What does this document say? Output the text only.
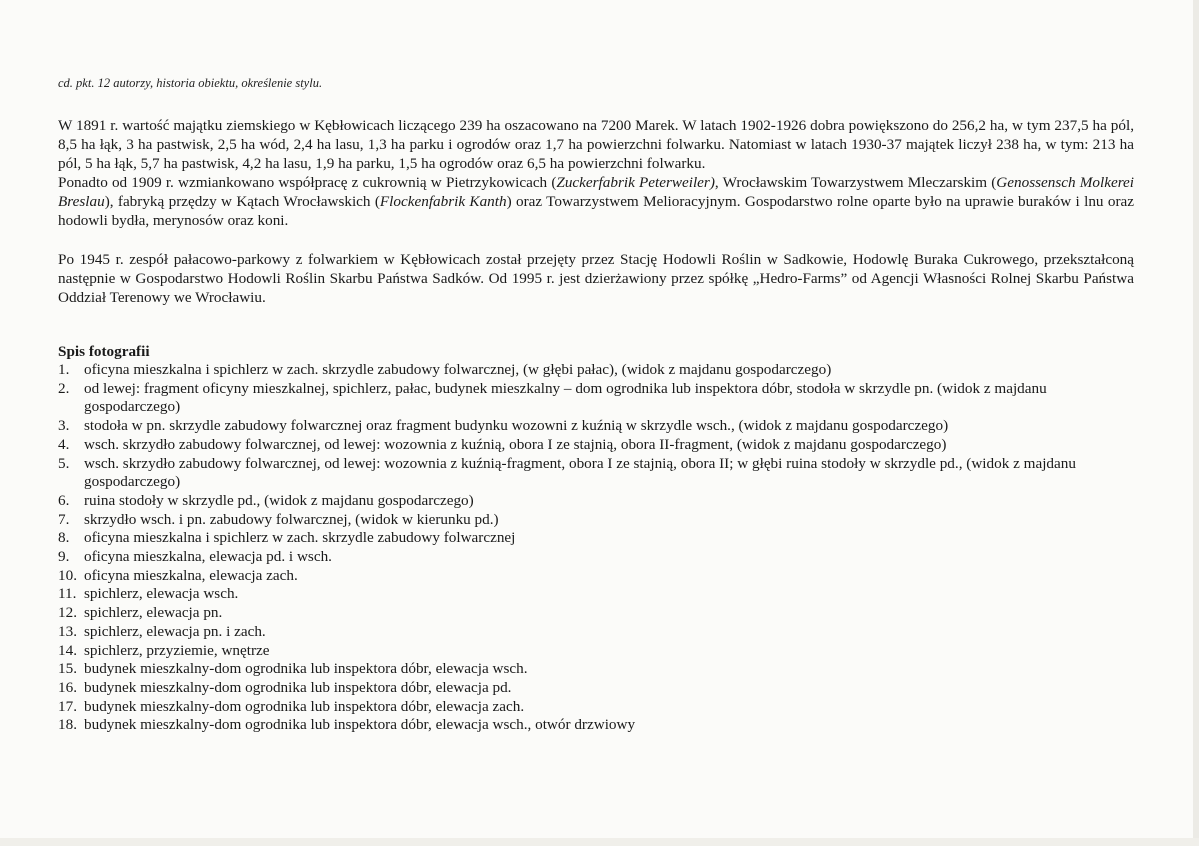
cd. pkt. 12 autorzy, historia obiektu, określenie stylu.
W 1891 r. wartość majątku ziemskiego w Kębłowicach liczącego 239 ha oszacowano na 7200 Marek. W latach 1902-1926 dobra powiększono do 256,2 ha, w tym 237,5 ha pól, 8,5 ha łąk, 3 ha pastwisk, 2,5 ha wód, 2,4 ha lasu, 1,3 ha parku i ogrodów oraz 1,7 ha powierzchni folwarku. Natomiast w latach 1930-37 majątek liczył 238 ha, w tym: 213 ha pól, 5 ha łąk, 5,7 ha pastwisk, 4,2 ha lasu, 1,9 ha parku, 1,5 ha ogrodów oraz 6,5 ha powierzchni folwarku.
Ponadto od 1909 r. wzmiankowano współpracę z cukrownią w Pietrzykowicach (Zuckerfabrik Peterweiler), Wrocławskim Towarzystwem Mleczarskim (Genossensch Molkerei Breslau), fabryką przędzy w Kątach Wrocławskich (Flockenfabrik Kanth) oraz Towarzystwem Melioracyjnym. Gospodarstwo rolne oparte było na uprawie buraków i lnu oraz hodowli bydła, merynosów oraz koni.
Po 1945 r. zespół pałacowo-parkowy z folwarkiem w Kębłowicach został przejęty przez Stację Hodowli Roślin w Sadkowie, Hodowlę Buraka Cukrowego, przekształconą następnie w Gospodarstwo Hodowli Roślin Skarbu Państwa Sadków. Od 1995 r. jest dzierżawiony przez spółkę „Hedro-Farms” od Agencji Własności Rolnej Skarbu Państwa Oddział Terenowy we Wrocławiu.
Spis fotografii
1. oficyna mieszkalna i spichlerz w zach. skrzydle zabudowy folwarcznej, (w głębi pałac), (widok z majdanu gospodarczego)
2. od lewej: fragment oficyny mieszkalnej, spichlerz, pałac, budynek mieszkalny – dom ogrodnika lub inspektora dóbr, stodoła w skrzydle pn. (widok z majdanu gospodarczego)
3. stodoła w pn. skrzydle zabudowy folwarcznej oraz fragment budynku wozowni z kuźnią w skrzydle wsch., (widok z majdanu gospodarczego)
4. wsch. skrzydło zabudowy folwarcznej, od lewej: wozownia z kuźnią, obora I ze stajnią, obora II-fragment, (widok z majdanu gospodarczego)
5. wsch. skrzydło zabudowy folwarcznej, od lewej: wozownia z kuźnią-fragment, obora I ze stajnią, obora II; w głębi ruina stodoły w skrzydle pd., (widok z majdanu gospodarczego)
6. ruina stodoły w skrzydle pd., (widok z majdanu gospodarczego)
7. skrzydło wsch. i pn. zabudowy folwarcznej, (widok w kierunku pd.)
8. oficyna mieszkalna i spichlerz w zach. skrzydle zabudowy folwarcznej
9. oficyna mieszkalna, elewacja pd. i wsch.
10. oficyna mieszkalna, elewacja zach.
11. spichlerz, elewacja wsch.
12. spichlerz, elewacja pn.
13. spichlerz, elewacja pn. i zach.
14. spichlerz, przyziemie, wnętrze
15. budynek mieszkalny-dom ogrodnika lub inspektora dóbr, elewacja wsch.
16. budynek mieszkalny-dom ogrodnika lub inspektora dóbr, elewacja pd.
17. budynek mieszkalny-dom ogrodnika lub inspektora dóbr, elewacja zach.
18. budynek mieszkalny-dom ogrodnika lub inspektora dóbr, elewacja wsch., otwór drzwiowy
